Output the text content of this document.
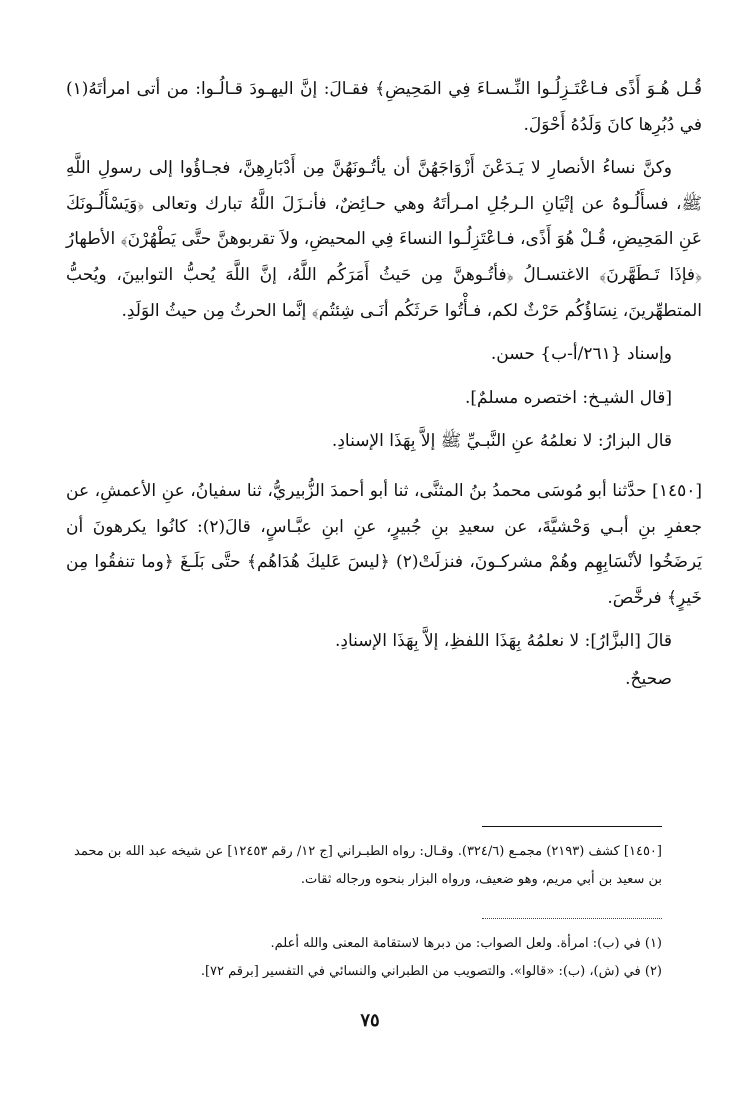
قُـل هُـوَ أَذًى فـاعْتَـزِلُـوا النِّـسـاءَ فِي المَحِيضِ﴾ فقـالَ: إنَّ اليهـودَ قـالُـوا: من أتى امرأتَهُ(١) في دُبُرِها كانَ وَلَدُهُ أَحْوَلَ.

وكنَّ نساءُ الأنصارِ لا يَـدَعْنَ أَزْوَاجَهُنَّ أن يأتُـونَهُنَّ مِن أَدْبَارِهِنَّ، فجـاؤُوا إلى رسولِ اللَّهِ ﷺ، فسأَلُـوهُ عن إتْيَانِ الـرجُلِ امـرأتَهُ وهي حـائِضٌ، فأنـزَلَ اللَّهُ تبارك وتعالى ﴿وَيَسْأَلُـونَكَ عَنِ المَحِيضِ، قُـلْ هُوَ أَذًى، فـاعْتَزِلُـوا النساءَ فِي المحيضِ، ولاَ تقربوهنَّ حتَّى يَطْهُرْنَ﴾ الأطهارُ ﴿فإذَا تَـطَهَّرنَ﴾ الاغتسـالُ ﴿فأتُـوهنَّ مِن حَيثُ أَمَرَكُم اللَّهُ، إنَّ اللَّهَ يُحبُّ التوابينَ، ويُحبُّ المتطهِّرينَ، نِسَاؤُكُم حَرْثٌ لكم، فـأْتُوا حَرثَكُم أنَـى شِئتُم﴾ إنَّما الحرثُ مِن حيثُ الوَلَدِ.

وإسناد {٢٦١/أ-ب} حسن.

[قال الشيـخ: اختصره مسلمٌ].

قال البزارُ: لا نعلمُهُ عنِ النَّبـيِّ ﷺ إلاَّ بِهَذَا الإسنادِ.

[١٤٥٠] حدَّثنا أبو مُوسَى محمدُ بنُ المثنَّى، ثنا أبو أحمدَ الزُّبيريُّ، ثنا سفيانُ، عنِ الأعمشِ، عن جعفرِ بنِ أبـي وَحْشيَّةَ، عن سعيدِ بنِ جُبيرٍ، عنِ ابنِ عبَّـاسٍ، قالَ(٢): كانُوا يكرهونَ أن يَرضَخُوا لأنْسَابِهِم وهُمْ مشركـونَ، فنزلَتْ(٢) ﴿ليسَ عَليكَ هُدَاهُم﴾ حتَّى بَلَـغَ ﴿وما تنفقُوا مِن خَيرٍ﴾ فرخَّصَ.

قالَ [البزَّارُ]: لا نعلمُهُ بِهَذَا اللفظِ، إلاَّ بِهَذَا الإسنادِ.

صحيحٌ.

[١٤٥٠] كشف (٢١٩٣) مجمـع (٣٢٤/٦). وقـال: رواه الطبـراني [ج ١٢/ رقم ١٢٤٥٣] عن شيخه عبد الله بن محمد بن سعيد بن أبي مريم، وهو ضعيف، ورواه البزار بنحوه ورجاله ثقات.

(١) في (ب): امرأة. ولعل الصواب: من دبرها لاستقامة المعنى والله أعلم.

(٢) في (ش)، (ب): «قالوا». والتصويب من الطبراني والنسائي في التفسير [برقم ٧٢].

٧٥
